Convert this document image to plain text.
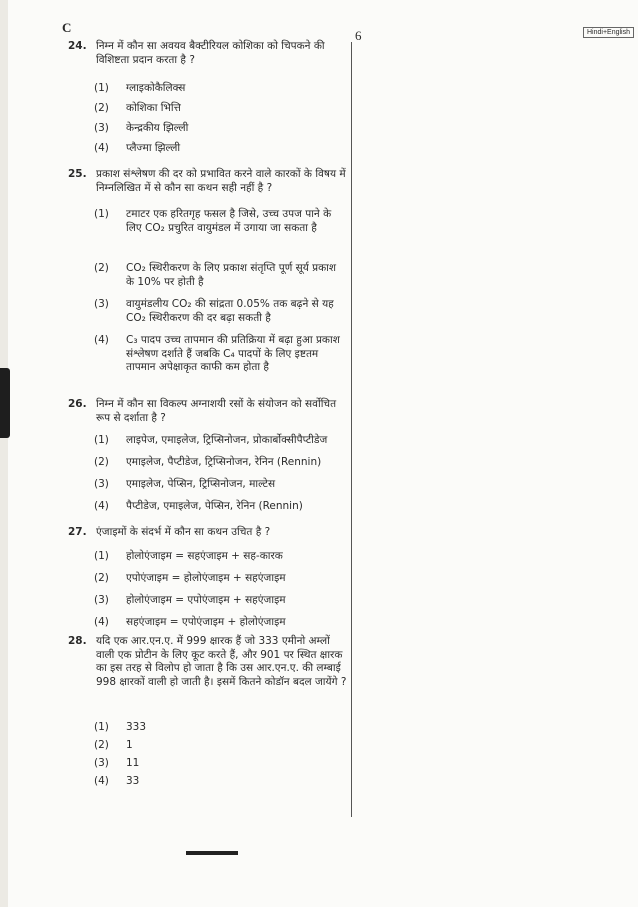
C
6	Hindi+English
24. निम्न में कौन सा अवयव बैक्टीरियल कोशिका को चिपकने की विशिष्टता प्रदान करता है ?
(1) ग्लाइकोकैलिक्स
(2) कोशिका भित्ति
(3) केन्द्रकीय झिल्ली
(4) प्लैज्मा झिल्ली
25. प्रकाश संश्लेषण की दर को प्रभावित करने वाले कारकों के विषय में निम्नलिखित में से कौन सा कथन सही नहीं है ?
(1) टमाटर एक हरितगृह फसल है जिसे, उच्च उपज पाने के लिए CO₂ प्रचुरित वायुमंडल में उगाया जा सकता है
(2) CO₂ स्थिरीकरण के लिए प्रकाश संतृप्ति पूर्ण सूर्य प्रकाश के 10% पर होती है
(3) वायुमंडलीय CO₂ की सांद्रता 0.05% तक बढ़ने से यह CO₂ स्थिरीकरण की दर बढ़ा सकती है
(4) C₃ पादप उच्च तापमान की प्रतिक्रिया में बढ़ा हुआ प्रकाश संश्लेषण दर्शाते हैं जबकि C₄ पादपों के लिए इष्टतम तापमान अपेक्षाकृत काफी कम होता है
26. निम्न में कौन सा विकल्प अग्नाशयी रसों के संयोजन को सर्वोचित रूप से दर्शाता है ?
(1) लाइपेज, एमाइलेज, ट्रिप्सिनोजन, प्रोकार्बोक्सीपैप्टीडेज
(2) एमाइलेज, पैप्टीडेज, ट्रिप्सिनोजन, रेनिन (Rennin)
(3) एमाइलेज, पेप्सिन, ट्रिप्सिनोजन, माल्टेस
(4) पैप्टीडेज, एमाइलेज, पेप्सिन, रेनिन (Rennin)
27. एंजाइमों के संदर्भ में कौन सा कथन उचित है ?
(1) होलोएंजाइम = सहएंजाइम + सह-कारक
(2) एपोएंजाइम = होलोएंजाइम + सहएंजाइम
(3) होलोएंजाइम = एपोएंजाइम + सहएंजाइम
(4) सहएंजाइम = एपोएंजाइम + होलोएंजाइम
28. यदि एक आर.एन.ए. में 999 क्षारक हैं जो 333 एमीनो अम्लों वाली एक प्रोटीन के लिए कूट करते हैं, और 901 पर स्थित क्षारक का इस तरह से विलोप हो जाता है कि उस आर.एन.ए. की लम्बाई 998 क्षारकों वाली हो जाती है। इसमें कितने कोडॉन बदल जायेंगे ?
(1) 333
(2) 1
(3) 11
(4) 33
